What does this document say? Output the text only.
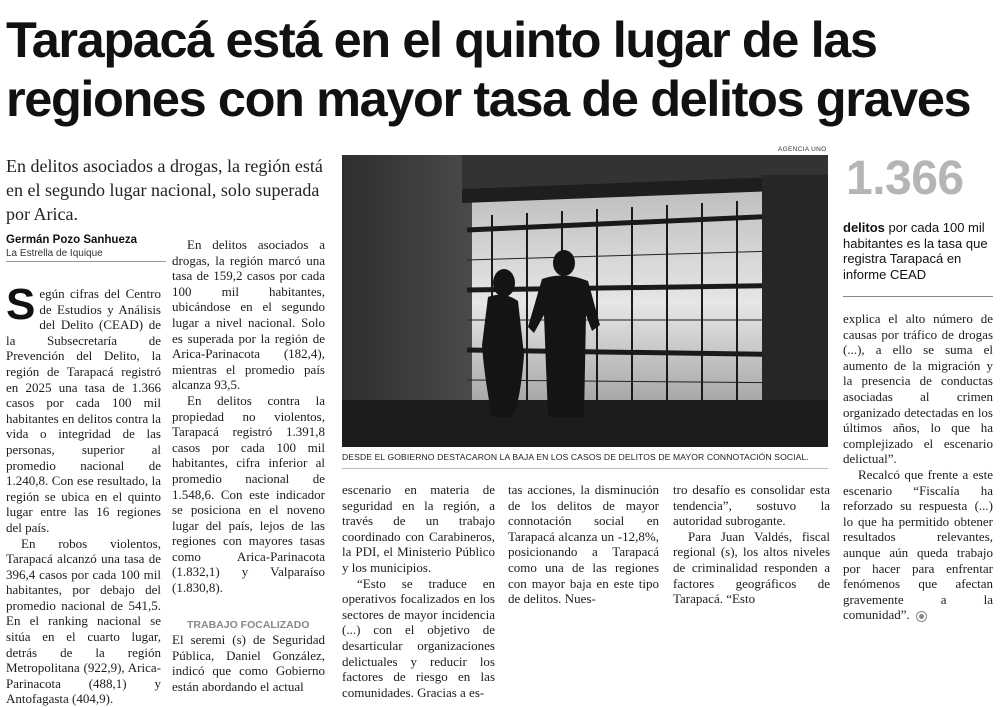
Tarapacá está en el quinto lugar de las regiones con mayor tasa de delitos graves

En delitos asociados a drogas, la región está en el segundo lugar nacional, solo superada por Arica.

Germán Pozo Sanhueza
La Estrella de Iquique

Según cifras del Centro de Estudios y Análisis del Delito (CEAD) de la Subsecretaría de Prevención del Delito, la región de Tarapacá registró en 2025 una tasa de 1.366 casos por cada 100 mil habitantes en delitos contra la vida o integridad de las personas, superior al promedio nacional de 1.240,8. Con ese resultado, la región se ubica en el quinto lugar entre las 16 regiones del país.

En robos violentos, Tarapacá alcanzó una tasa de 396,4 casos por cada 100 mil habitantes, por debajo del promedio nacional de 541,5. En el ranking nacional se sitúa en el cuarto lugar, detrás de la región Metropolitana (922,9), Arica-Parinacota (488,1) y Antofagasta (404,9).

En delitos asociados a drogas, la región marcó una tasa de 159,2 casos por cada 100 mil habitantes, ubicándose en el segundo lugar a nivel nacional. Solo es superada por la región de Arica-Parinacota (182,4), mientras el promedio país alcanza 93,5.

En delitos contra la propiedad no violentos, Tarapacá registró 1.391,8 casos por cada 100 mil habitantes, cifra inferior al promedio nacional de 1.548,6. Con este indicador se posiciona en el noveno lugar del país, lejos de las regiones con mayores tasas como Arica-Parinacota (1.832,1) y Valparaíso (1.830,8).

TRABAJO FOCALIZADO

El seremi (s) de Seguridad Pública, Daniel González, indicó que como Gobierno están abordando el actual

AGENCIA UNO

DESDE EL GOBIERNO DESTACARON LA BAJA EN LOS CASOS DE DELITOS DE MAYOR CONNOTACIÓN SOCIAL.

1.366

delitos por cada 100 mil habitantes es la tasa que registra Tarapacá en informe CEAD

escenario en materia de seguridad en la región, a través de un trabajo coordinado con Carabineros, la PDI, el Ministerio Público y los municipios.

“Esto se traduce en operativos focalizados en los sectores de mayor incidencia (...) con el objetivo de desarticular organizaciones delictuales y reducir los factores de riesgo en las comunidades. Gracias a es-

tas acciones, la disminución de los delitos de mayor connotación social en Tarapacá alcanza un -12,8%, posicionando a Tarapacá como una de las regiones con mayor baja en este tipo de delitos. Nues-

tro desafío es consolidar esta tendencia”, sostuvo la autoridad subrogante.

Para Juan Valdés, fiscal regional (s), los altos niveles de criminalidad responden a factores geográficos de Tarapacá. “Esto

explica el alto número de causas por tráfico de drogas (...), a ello se suma el aumento de la migración y la presencia de conductas asociadas al crimen organizado detectadas en los últimos años, lo que ha complejizado el escenario delictual”.

Recalcó que frente a este escenario “Fiscalía ha reforzado su respuesta (...) lo que ha permitido obtener resultados relevantes, aunque aún queda trabajo por hacer para enfrentar fenómenos que afectan gravemente a la comunidad”.
